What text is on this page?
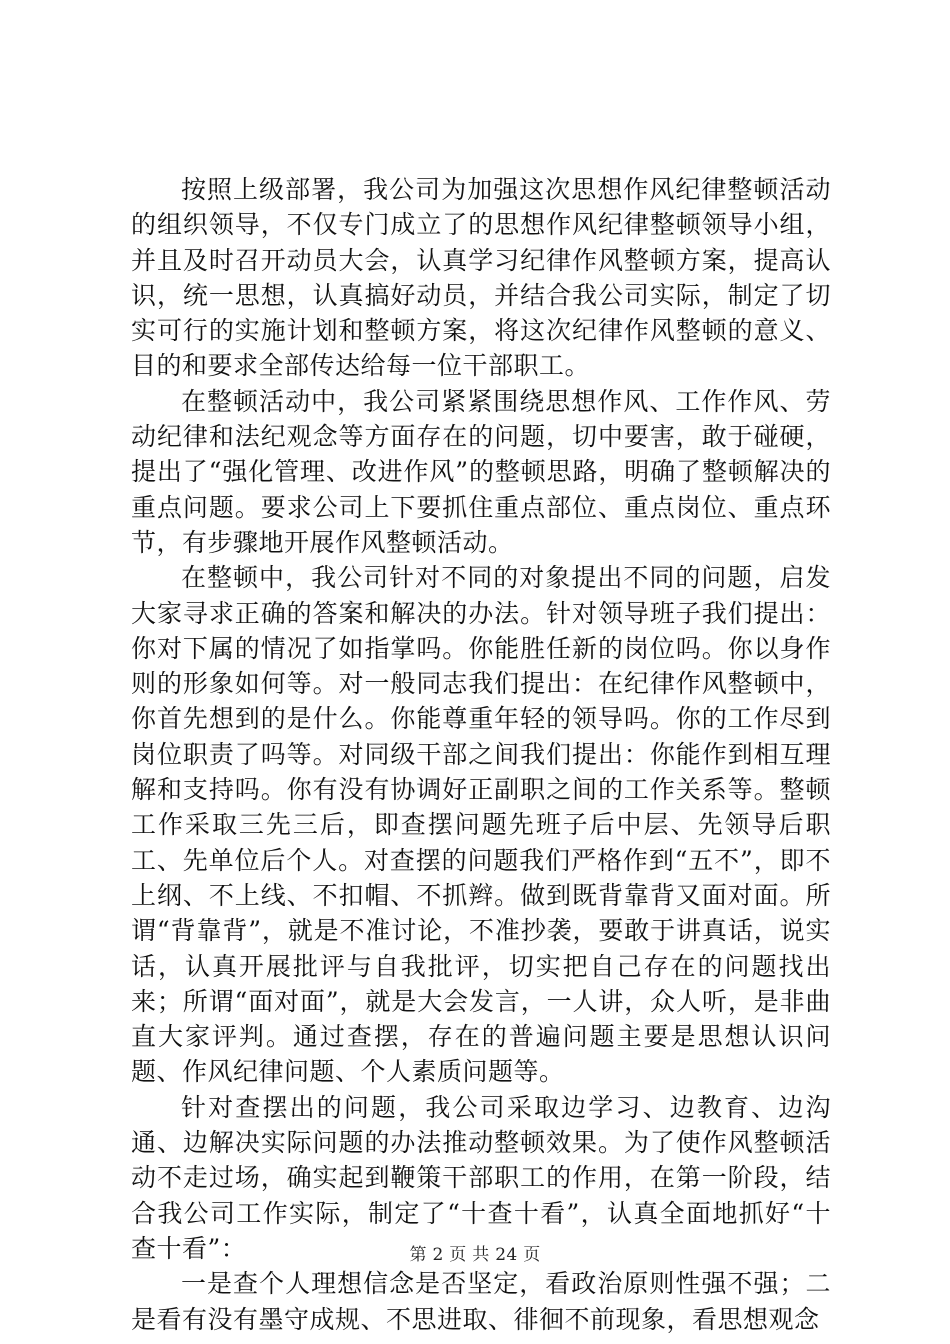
按照上级部署，我公司为加强这次思想作风纪律整顿活动的组织领导，不仅专门成立了的思想作风纪律整顿领导小组，并且及时召开动员大会，认真学习纪律作风整顿方案，提高认识，统一思想，认真搞好动员，并结合我公司实际，制定了切实可行的实施计划和整顿方案，将这次纪律作风整顿的意义、目的和要求全部传达给每一位干部职工。

在整顿活动中，我公司紧紧围绕思想作风、工作作风、劳动纪律和法纪观念等方面存在的问题，切中要害，敢于碰硬，提出了“强化管理、改进作风”的整顿思路，明确了整顿解决的重点问题。要求公司上下要抓住重点部位、重点岗位、重点环节，有步骤地开展作风整顿活动。

在整顿中，我公司针对不同的对象提出不同的问题，启发大家寻求正确的答案和解决的办法。针对领导班子我们提出：你对下属的情况了如指掌吗。你能胜任新的岗位吗。你以身作则的形象如何等。对一般同志我们提出：在纪律作风整顿中，你首先想到的是什么。你能尊重年轻的领导吗。你的工作尽到岗位职责了吗等。对同级干部之间我们提出：你能作到相互理解和支持吗。你有没有协调好正副职之间的工作关系等。整顿工作采取三先三后，即查摆问题先班子后中层、先领导后职工、先单位后个人。对查摆的问题我们严格作到“五不”，即不上纲、不上线、不扣帽、不抓辫。做到既背靠背又面对面。所谓“背靠背”，就是不准讨论，不准抄袭，要敢于讲真话，说实话，认真开展批评与自我批评，切实把自己存在的问题找出来；所谓“面对面”，就是大会发言，一人讲，众人听，是非曲直大家评判。通过查摆，存在的普遍问题主要是思想认识问题、作风纪律问题、个人素质问题等。

针对查摆出的问题，我公司采取边学习、边教育、边沟通、边解决实际问题的办法推动整顿效果。为了使作风整顿活动不走过场，确实起到鞭策干部职工的作用，在第一阶段，结合我公司工作实际，制定了“十查十看”，认真全面地抓好“十查十看”：

一是查个人理想信念是否坚定，看政治原则性强不强；二是看有没有墨守成规、不思进取、徘徊不前现象，看思想观念

第 2 页 共 24 页
